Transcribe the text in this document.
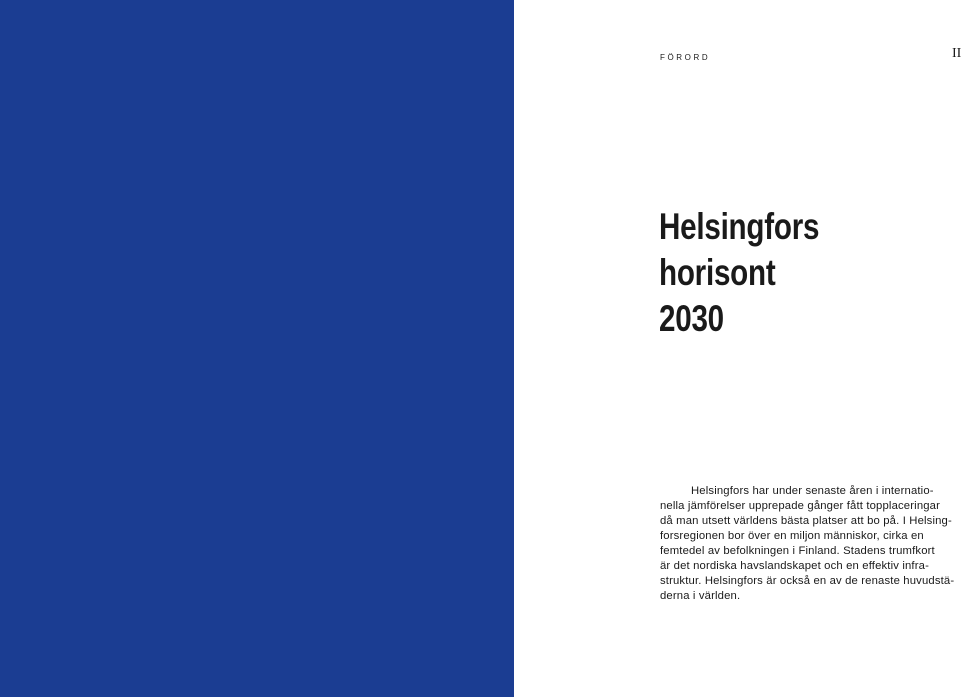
FÖRORD	II
Helsingfors
horisont
2030
Helsingfors har under senaste åren i internatio-
nella jämförelser upprepade gånger fått topplaceringar
då man utsett världens bästa platser att bo på. I Helsing-
forsregionen bor över en miljon människor, cirka en
femtedel av befolkningen i Finland. Stadens trumfkort
är det nordiska havslandskapet och en effektiv infra-
struktur. Helsingfors är också en av de renaste huvudstä-
derna i världen.
